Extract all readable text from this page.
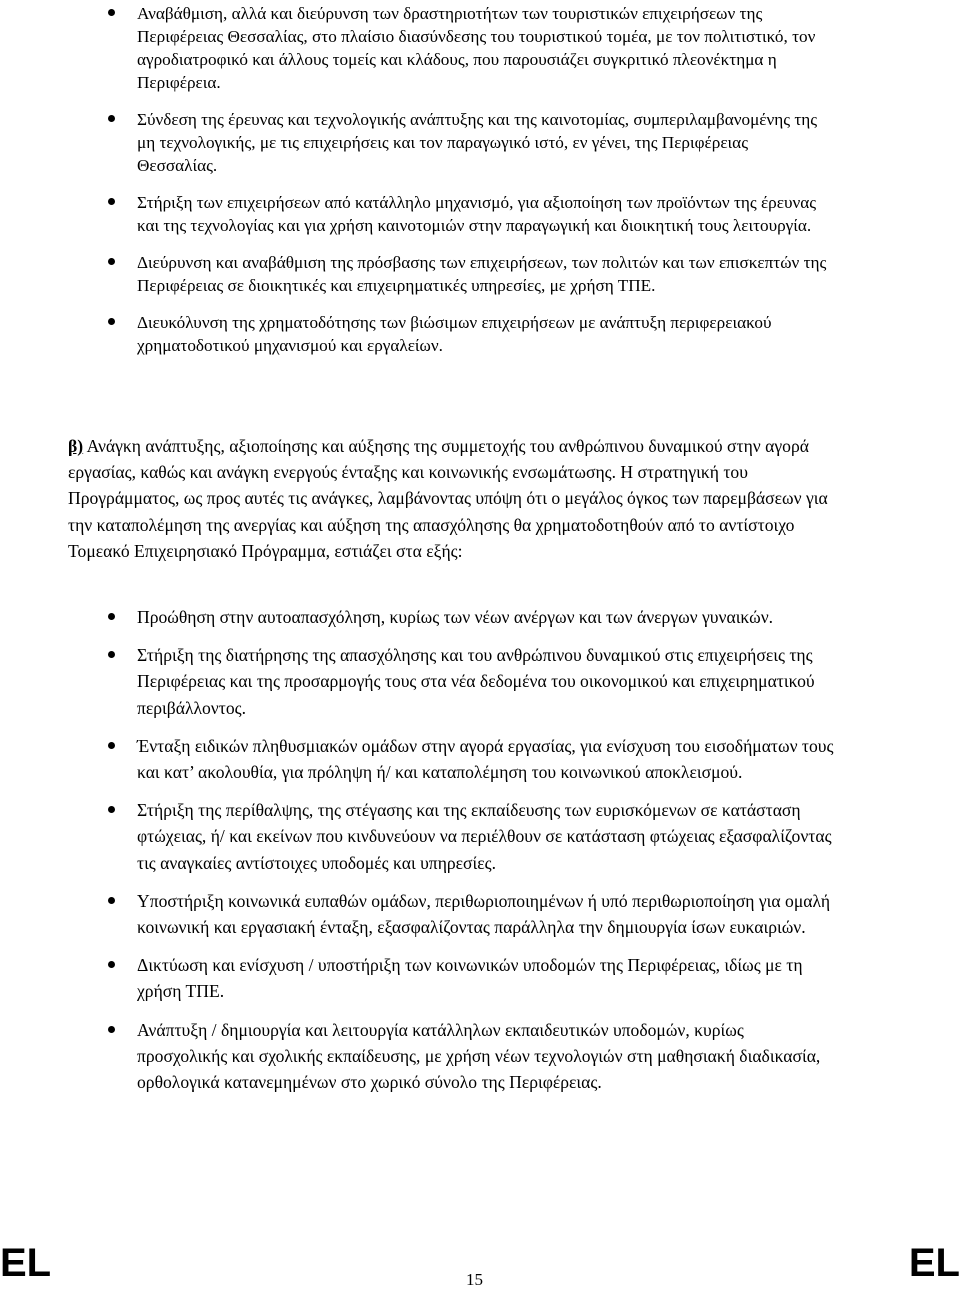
Αναβάθμιση, αλλά και διεύρυνση των δραστηριοτήτων των τουριστικών επιχειρήσεων της Περιφέρειας Θεσσαλίας, στο πλαίσιο διασύνδεσης του τουριστικού τομέα, με τον πολιτιστικό, τον αγροδιατροφικό και άλλους τομείς και κλάδους, που παρουσιάζει συγκριτικό πλεονέκτημα η Περιφέρεια.
Σύνδεση της έρευνας και τεχνολογικής ανάπτυξης και της καινοτομίας, συμπεριλαμβανομένης της μη τεχνολογικής, με τις επιχειρήσεις και τον παραγωγικό ιστό, εν γένει, της Περιφέρειας Θεσσαλίας.
Στήριξη των επιχειρήσεων από κατάλληλο μηχανισμό, για αξιοποίηση των προϊόντων της έρευνας και της τεχνολογίας και για χρήση καινοτομιών στην παραγωγική και διοικητική τους λειτουργία.
Διεύρυνση και αναβάθμιση της πρόσβασης των επιχειρήσεων, των πολιτών και των επισκεπτών της Περιφέρειας σε διοικητικές και επιχειρηματικές υπηρεσίες, με χρήση ΤΠΕ.
Διευκόλυνση της χρηματοδότησης των βιώσιμων επιχειρήσεων με ανάπτυξη περιφερειακού χρηματοδοτικού μηχανισμού και εργαλείων.

β) Ανάγκη ανάπτυξης, αξιοποίησης και αύξησης της συμμετοχής του ανθρώπινου δυναμικού στην αγορά εργασίας, καθώς και ανάγκη ενεργούς ένταξης και κοινωνικής ενσωμάτωσης. Η στρατηγική του Προγράμματος, ως προς αυτές τις ανάγκες, λαμβάνοντας υπόψη ότι ο μεγάλος όγκος των παρεμβάσεων για την καταπολέμηση της ανεργίας και αύξηση της απασχόλησης θα χρηματοδοτηθούν από το αντίστοιχο Τομεακό Επιχειρησιακό Πρόγραμμα, εστιάζει στα εξής:

Προώθηση στην αυτοαπασχόληση, κυρίως των νέων ανέργων και των άνεργων γυναικών.
Στήριξη της διατήρησης της απασχόλησης και του ανθρώπινου δυναμικού στις επιχειρήσεις της Περιφέρειας και της προσαρμογής τους στα νέα δεδομένα του οικονομικού και επιχειρηματικού περιβάλλοντος.
Ένταξη ειδικών πληθυσμιακών ομάδων στην αγορά εργασίας, για ενίσχυση του εισοδήματων τους και κατ’ ακολουθία, για πρόληψη ή/ και καταπολέμηση του κοινωνικού αποκλεισμού.
Στήριξη της περίθαλψης, της στέγασης και της εκπαίδευσης των ευρισκόμενων σε κατάσταση φτώχειας, ή/ και εκείνων που κινδυνεύουν να περιέλθουν σε κατάσταση φτώχειας εξασφαλίζοντας τις αναγκαίες αντίστοιχες υποδομές και υπηρεσίες.
Υποστήριξη κοινωνικά ευπαθών ομάδων, περιθωριοποιημένων ή υπό περιθωριοποίηση για ομαλή κοινωνική και εργασιακή ένταξη, εξασφαλίζοντας παράλληλα την δημιουργία ίσων ευκαιριών.
Δικτύωση και ενίσχυση / υποστήριξη των κοινωνικών υποδομών της Περιφέρειας, ιδίως με τη χρήση ΤΠΕ.
Ανάπτυξη / δημιουργία και λειτουργία κατάλληλων εκπαιδευτικών υποδομών, κυρίως προσχολικής και σχολικής εκπαίδευσης, με χρήση νέων τεχνολογιών στη μαθησιακή διαδικασία, ορθολογικά κατανεμημένων στο χωρικό σύνολο της Περιφέρειας.
EL	15	EL
